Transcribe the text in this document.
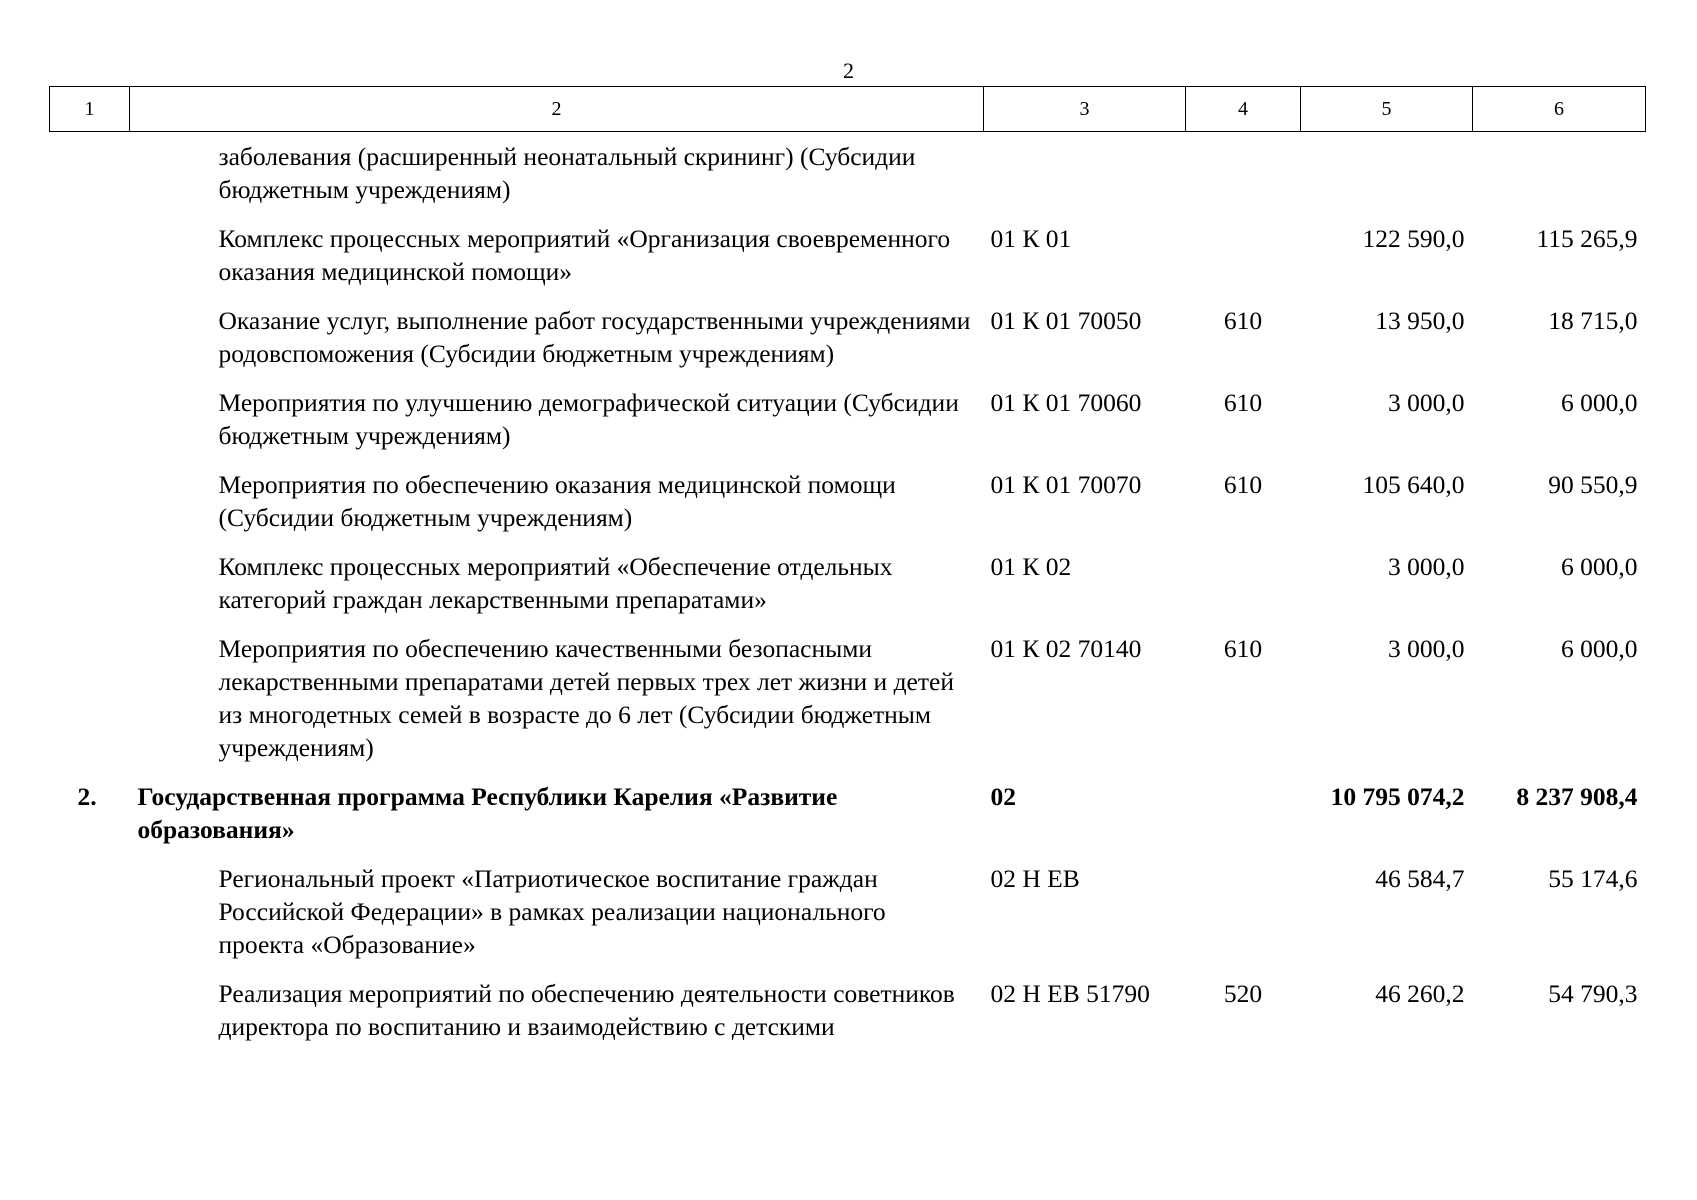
2
1	2	3	4	5	6
	заболевания (расширенный неонатальный скрининг) (Субсидии бюджетным учреждениям)				
	Комплекс процессных мероприятий «Организация своевременного оказания медицинской помощи»	01 К 01		122 590,0	115 265,9
	Оказание услуг, выполнение работ государственными учреждениями родовспоможения (Субсидии бюджетным учреждениям)	01 К 01 70050	610	13 950,0	18 715,0
	Мероприятия по улучшению демографической ситуации (Субсидии бюджетным учреждениям)	01 К 01 70060	610	3 000,0	6 000,0
	Мероприятия по обеспечению оказания медицинской помощи (Субсидии бюджетным учреждениям)	01 К 01 70070	610	105 640,0	90 550,9
	Комплекс процессных мероприятий «Обеспечение отдельных категорий граждан лекарственными препаратами»	01 К 02		3 000,0	6 000,0
	Мероприятия по обеспечению качественными безопасными лекарственными препаратами детей первых трех лет жизни и детей из многодетных семей в возрасте до 6 лет (Субсидии бюджетным учреждениям)	01 К 02 70140	610	3 000,0	6 000,0
2.	Государственная программа Республики Карелия «Развитие образования»	02		10 795 074,2	8 237 908,4
	Региональный проект «Патриотическое воспитание граждан Российской Федерации» в рамках реализации национального проекта «Образование»	02 Н ЕВ		46 584,7	55 174,6
	Реализация мероприятий по обеспечению деятельности советников директора по воспитанию и взаимодействию с детскими	02 Н ЕВ 51790	520	46 260,2	54 790,3
